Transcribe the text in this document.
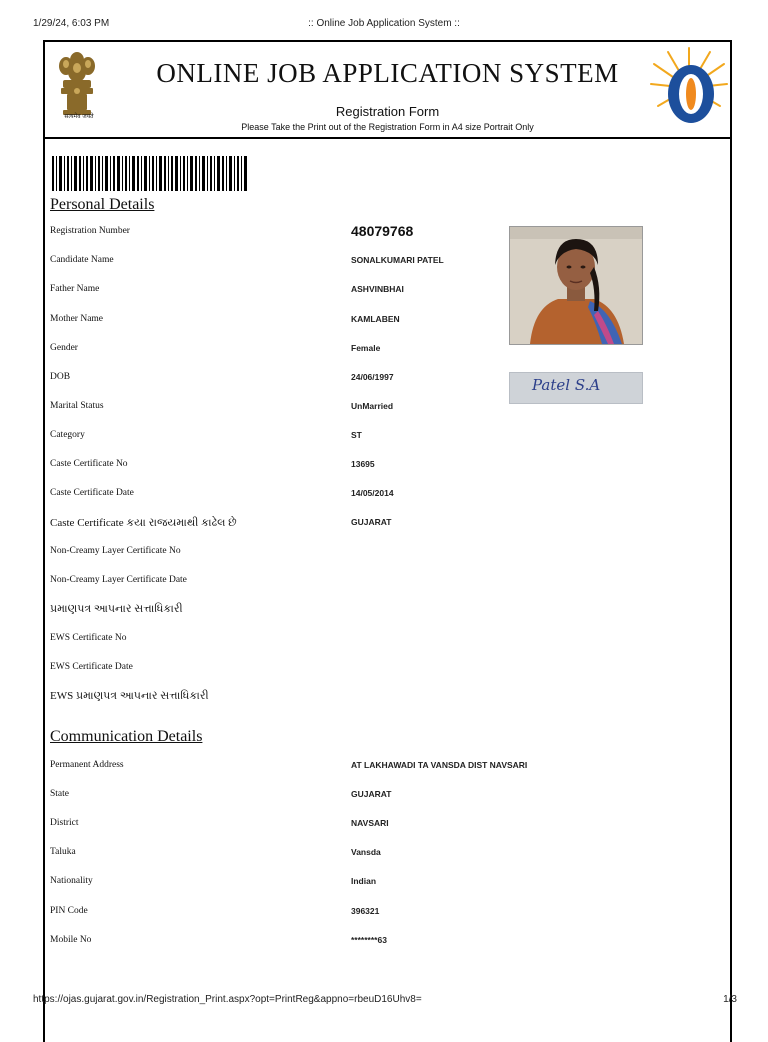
1/29/24, 6:03 PM	:: Online Job Application System ::
सत्यमेव जयते
ONLINE JOB APPLICATION SYSTEM
Registration Form
Please Take the Print out of the Registration Form in A4 size Portrait Only
Personal Details
Registration Number	48079768
Candidate Name	SONALKUMARI PATEL
Father Name	ASHVINBHAI
Mother Name	KAMLABEN
Gender	Female
DOB	24/06/1997
Marital Status	UnMarried
Category	ST
Caste Certificate No	13695
Caste Certificate Date	14/05/2014
Caste Certificate કયા રાજયમાથી કાઢેલ છે	GUJARAT
Non-Creamy Layer Certificate No
Non-Creamy Layer Certificate Date
પ્રમાણપત્ર આપનાર સત્તાધિકારી
EWS Certificate No
EWS Certificate Date
EWS પ્રમાણપત્ર આપનાર સત્તાધિકારી
Patel S.A
Communication Details
Permanent Address	AT LAKHAWADI TA VANSDA DIST NAVSARI
State	GUJARAT
District	NAVSARI
Taluka	Vansda
Nationality	Indian
PIN Code	396321
Mobile No	********63
https://ojas.gujarat.gov.in/Registration_Print.aspx?opt=PrintReg&appno=rbeuD16Uhv8=	1/3
